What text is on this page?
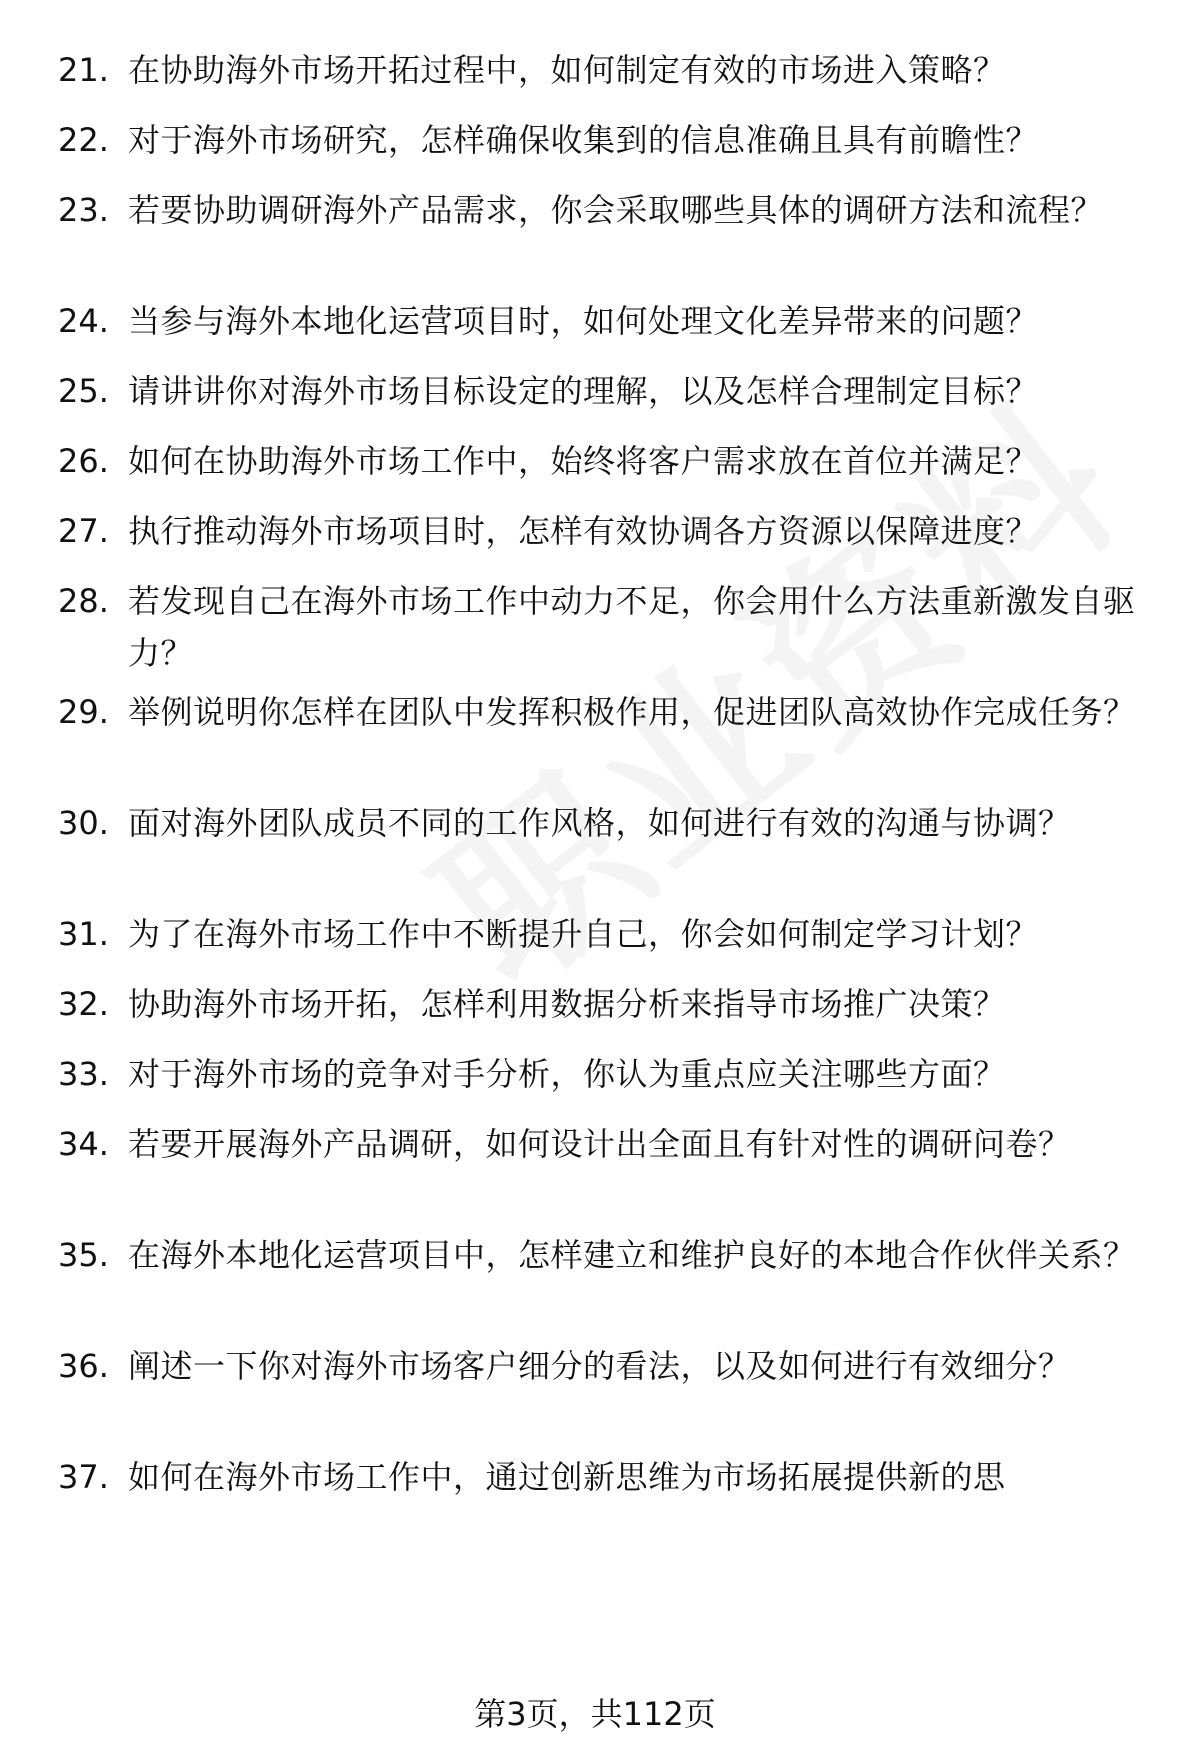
21. 在协助海外市场开拓过程中，如何制定有效的市场进入策略？
22. 对于海外市场研究，怎样确保收集到的信息准确且具有前瞻性？
23. 若要协助调研海外产品需求，你会采取哪些具体的调研方法和流程？
24. 当参与海外本地化运营项目时，如何处理文化差异带来的问题？
25. 请讲讲你对海外市场目标设定的理解，以及怎样合理制定目标？
26. 如何在协助海外市场工作中，始终将客户需求放在首位并满足？
27. 执行推动海外市场项目时，怎样有效协调各方资源以保障进度？
28. 若发现自己在海外市场工作中动力不足，你会用什么方法重新激发自驱力？
29. 举例说明你怎样在团队中发挥积极作用，促进团队高效协作完成任务？
30. 面对海外团队成员不同的工作风格，如何进行有效的沟通与协调？
31. 为了在海外市场工作中不断提升自己，你会如何制定学习计划？
32. 协助海外市场开拓，怎样利用数据分析来指导市场推广决策？
33. 对于海外市场的竞争对手分析，你认为重点应关注哪些方面？
34. 若要开展海外产品调研，如何设计出全面且有针对性的调研问卷？
35. 在海外本地化运营项目中，怎样建立和维护良好的本地合作伙伴关系？
36. 阐述一下你对海外市场客户细分的看法，以及如何进行有效细分？
37. 如何在海外市场工作中，通过创新思维为市场拓展提供新的思
第3页，共112页
